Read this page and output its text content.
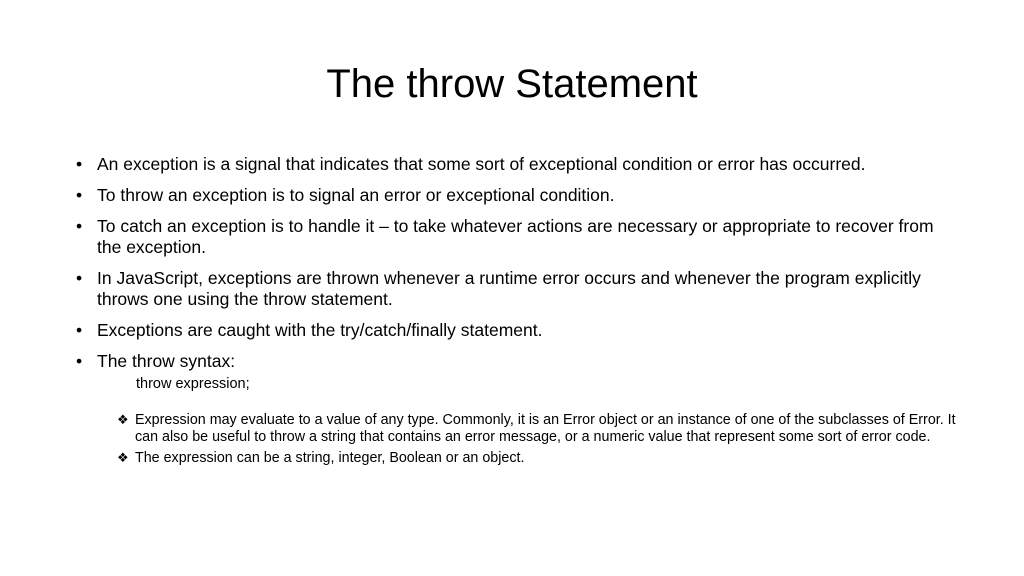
The throw Statement
• An exception is a signal that indicates that some sort of exceptional condition or error has occurred.
• To throw an exception is to signal an error or exceptional condition.
• To catch an exception is to handle it – to take whatever actions are necessary or appropriate to recover from the exception.
• In JavaScript, exceptions are thrown whenever a runtime error occurs and whenever the program explicitly throws one using the throw statement.
• Exceptions are caught with the try/catch/finally statement.
• The throw syntax:
throw expression;
❖ Expression may evaluate to a value of any type. Commonly, it is an Error object or an instance of one of the subclasses of Error. It can also be useful to throw a string that contains an error message, or a numeric value that represent some sort of error code.
❖ The expression can be a string, integer, Boolean or an object.
